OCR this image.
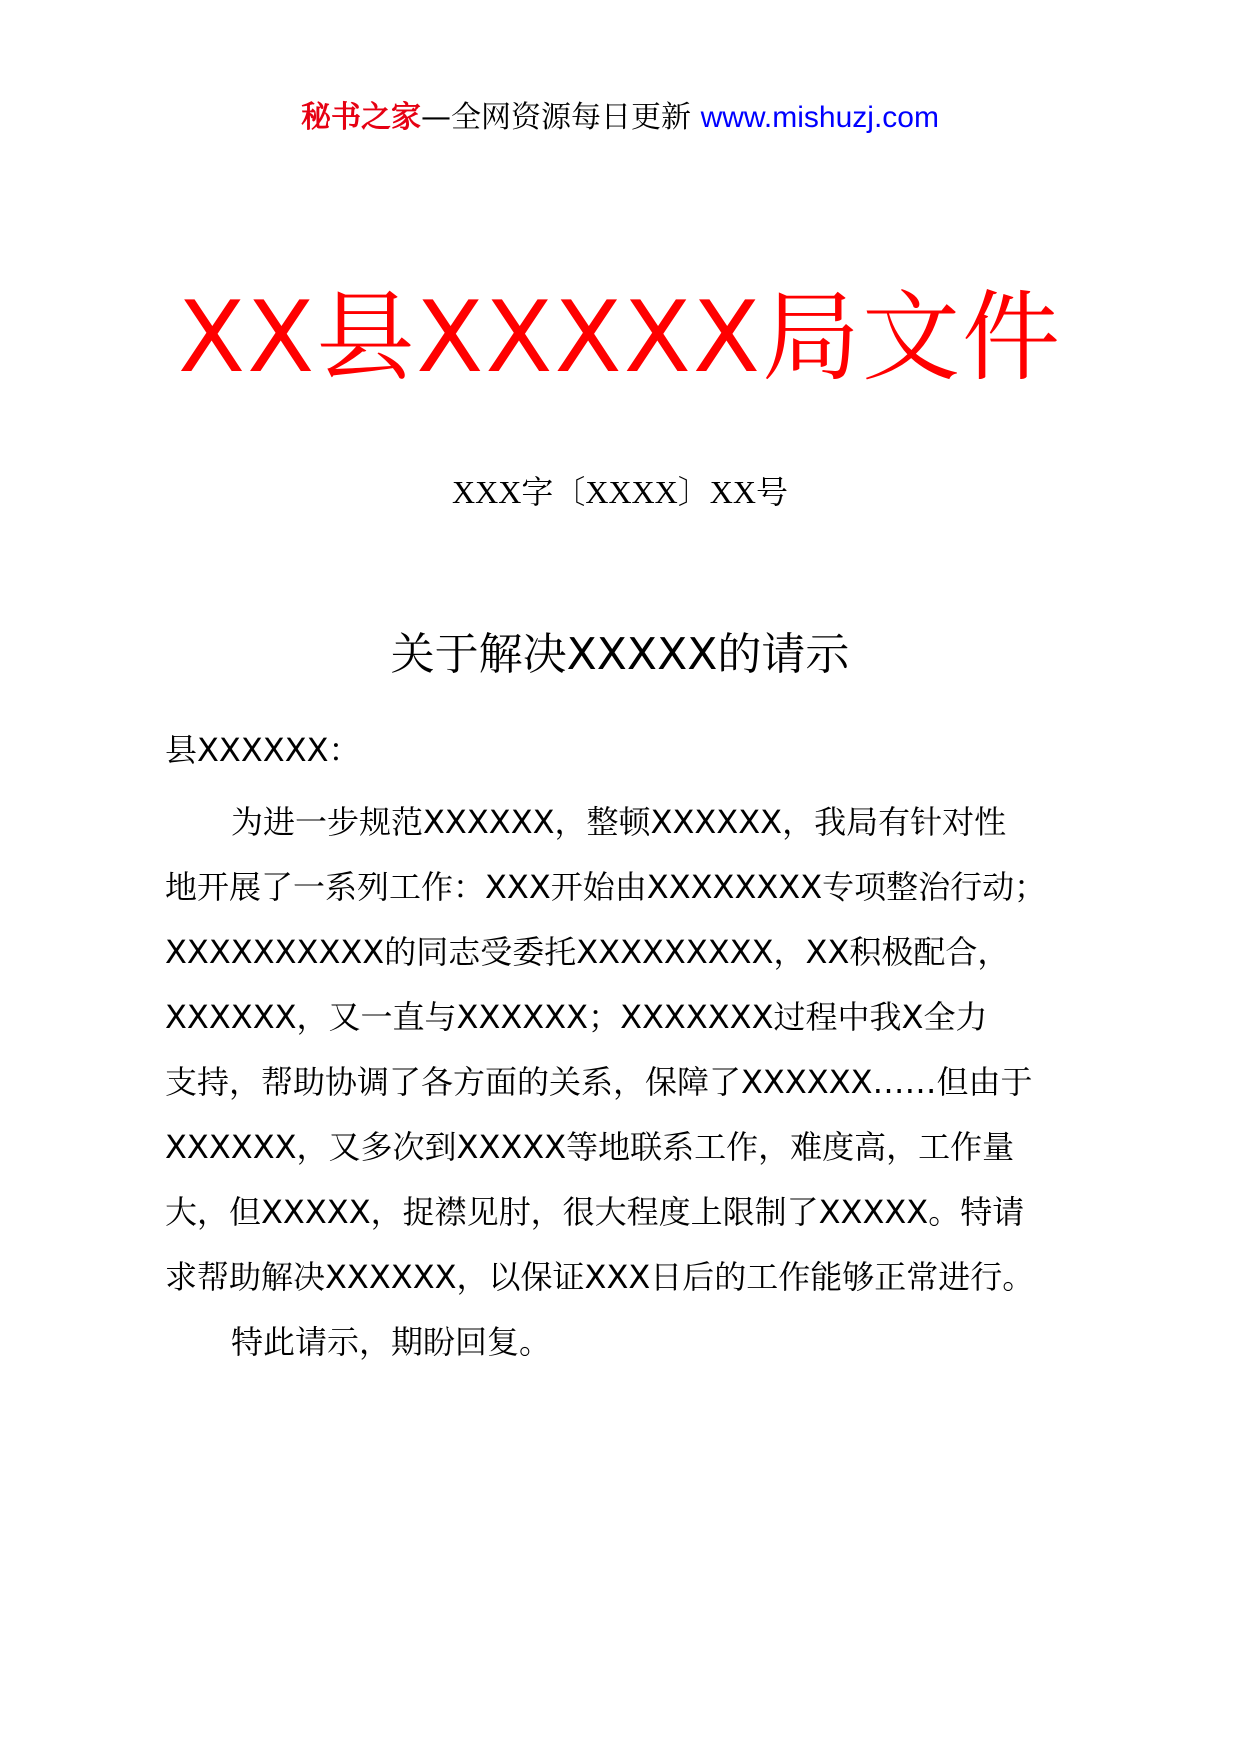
秘书之家—全网资源每日更新 www.mishuzj.com
XX县XXXXX局文件
XXX字〔XXXX〕XX号
关于解决XXXXX的请示
县XXXXXX：
为进一步规范XXXXXX，整顿XXXXXX，我局有针对性
地开展了一系列工作：XXX开始由XXXXXXXX专项整治行动；
XXXXXXXXXX的同志受委托XXXXXXXXX，XX积极配合，
XXXXXX，又一直与XXXXXX；XXXXXXX过程中我X全力
支持，帮助协调了各方面的关系，保障了XXXXXX……但由于
XXXXXX，又多次到XXXXX等地联系工作，难度高，工作量
大，但XXXXX，捉襟见肘，很大程度上限制了XXXXX。特请
求帮助解决XXXXXX，以保证XXX日后的工作能够正常进行。
特此请示，期盼回复。
